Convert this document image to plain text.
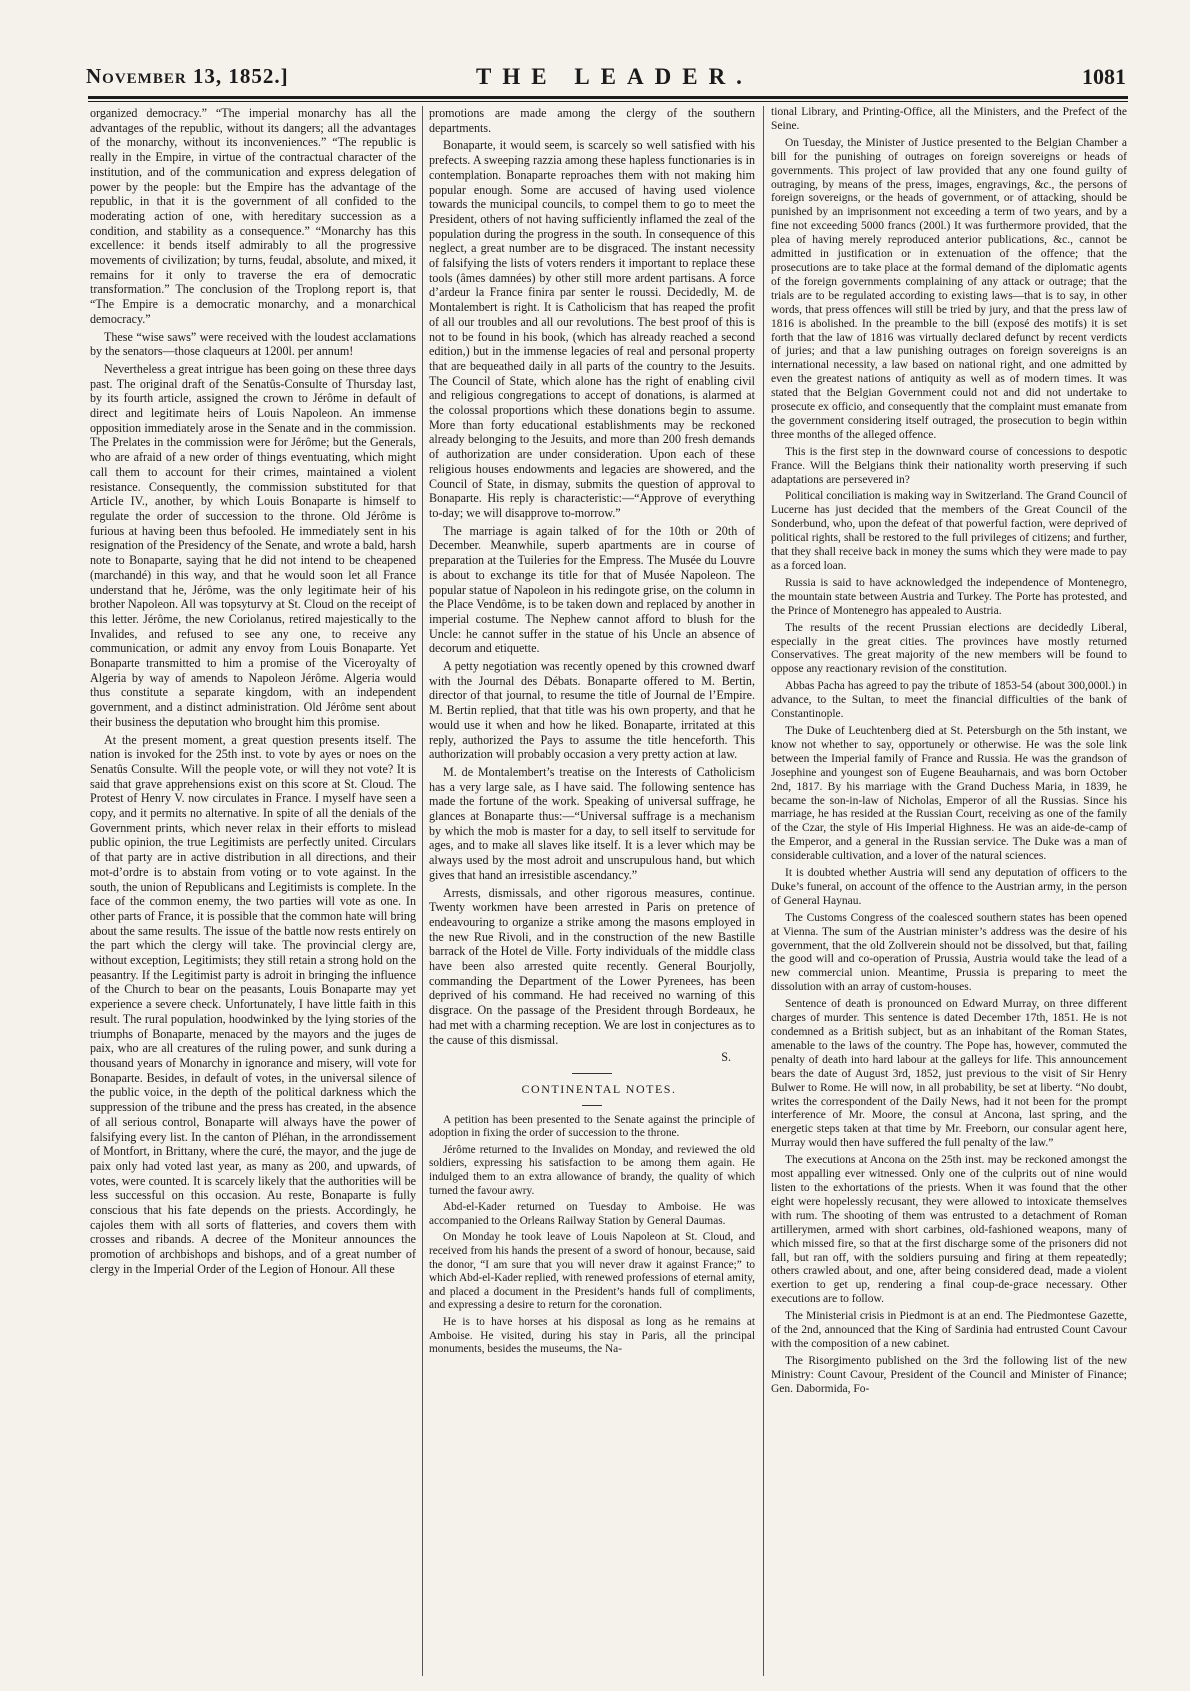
November 13, 1852.]	THE LEADER.	1081

organized democracy.” “The imperial monarchy has all the advantages of the republic, without its dangers; all the advantages of the monarchy, without its inconveniences.” “The republic is really in the Empire, in virtue of the contractual character of the institution, and of the communication and express delegation of power by the people: but the Empire has the advantage of the republic, in that it is the government of all confided to the moderating action of one, with hereditary succession as a condition, and stability as a consequence.” “Monarchy has this excellence: it bends itself admirably to all the progressive movements of civilization; by turns, feudal, absolute, and mixed, it remains for it only to traverse the era of democratic transformation.” The conclusion of the Troplong report is, that “The Empire is a democratic monarchy, and a monarchical democracy.”

These “wise saws” were received with the loudest acclamations by the senators—those claqueurs at 1200l. per annum!

Nevertheless a great intrigue has been going on these three days past. The original draft of the Senatûs-Consulte of Thursday last, by its fourth article, assigned the crown to Jérôme in default of direct and legitimate heirs of Louis Napoleon. An immense opposition immediately arose in the Senate and in the commission. The Prelates in the commission were for Jérôme; but the Generals, who are afraid of a new order of things eventuating, which might call them to account for their crimes, maintained a violent resistance. Consequently, the commission substituted for that Article IV., another, by which Louis Bonaparte is himself to regulate the order of succession to the throne. Old Jérôme is furious at having been thus befooled. He immediately sent in his resignation of the Presidency of the Senate, and wrote a bald, harsh note to Bonaparte, saying that he did not intend to be cheapened (marchandé) in this way, and that he would soon let all France understand that he, Jérôme, was the only legitimate heir of his brother Napoleon. All was topsyturvy at St. Cloud on the receipt of this letter. Jérôme, the new Coriolanus, retired majestically to the Invalides, and refused to see any one, to receive any communication, or admit any envoy from Louis Bonaparte. Yet Bonaparte transmitted to him a promise of the Viceroyalty of Algeria by way of amends to Napoleon Jérôme. Algeria would thus constitute a separate kingdom, with an independent government, and a distinct administration. Old Jérôme sent about their business the deputation who brought him this promise.

At the present moment, a great question presents itself. The nation is invoked for the 25th inst. to vote by ayes or noes on the Senatûs Consulte. Will the people vote, or will they not vote? It is said that grave apprehensions exist on this score at St. Cloud. The Protest of Henry V. now circulates in France. I myself have seen a copy, and it permits no alternative. In spite of all the denials of the Government prints, which never relax in their efforts to mislead public opinion, the true Legitimists are perfectly united. Circulars of that party are in active distribution in all directions, and their mot-d’ordre is to abstain from voting or to vote against. In the south, the union of Republicans and Legitimists is complete. In the face of the common enemy, the two parties will vote as one. In other parts of France, it is possible that the common hate will bring about the same results. The issue of the battle now rests entirely on the part which the clergy will take. The provincial clergy are, without exception, Legitimists; they still retain a strong hold on the peasantry. If the Legitimist party is adroit in bringing the influence of the Church to bear on the peasants, Louis Bonaparte may yet experience a severe check. Unfortunately, I have little faith in this result. The rural population, hoodwinked by the lying stories of the triumphs of Bonaparte, menaced by the mayors and the juges de paix, who are all creatures of the ruling power, and sunk during a thousand years of Monarchy in ignorance and misery, will vote for Bonaparte. Besides, in default of votes, in the universal silence of the public voice, in the depth of the political darkness which the suppression of the tribune and the press has created, in the absence of all serious control, Bonaparte will always have the power of falsifying every list. In the canton of Pléhan, in the arrondissement of Montfort, in Brittany, where the curé, the mayor, and the juge de paix only had voted last year, as many as 200, and upwards, of votes, were counted. It is scarcely likely that the authorities will be less successful on this occasion. Au reste, Bonaparte is fully conscious that his fate depends on the priests. Accordingly, he cajoles them with all sorts of flatteries, and covers them with crosses and ribands. A decree of the Moniteur announces the promotion of archbishops and bishops, and of a great number of clergy in the Imperial Order of the Legion of Honour. All these

promotions are made among the clergy of the southern departments.

Bonaparte, it would seem, is scarcely so well satisfied with his prefects. A sweeping razzia among these hapless functionaries is in contemplation. Bonaparte reproaches them with not making him popular enough. Some are accused of having used violence towards the municipal councils, to compel them to go to meet the President, others of not having sufficiently inflamed the zeal of the population during the progress in the south. In consequence of this neglect, a great number are to be disgraced. The instant necessity of falsifying the lists of voters renders it important to replace these tools (âmes damnées) by other still more ardent partisans. A force d’ardeur la France finira par senter le roussi. Decidedly, M. de Montalembert is right. It is Catholicism that has reaped the profit of all our troubles and all our revolutions. The best proof of this is not to be found in his book, (which has already reached a second edition,) but in the immense legacies of real and personal property that are bequeathed daily in all parts of the country to the Jesuits. The Council of State, which alone has the right of enabling civil and religious congregations to accept of donations, is alarmed at the colossal proportions which these donations begin to assume. More than forty educational establishments may be reckoned already belonging to the Jesuits, and more than 200 fresh demands of authorization are under consideration. Upon each of these religious houses endowments and legacies are showered, and the Council of State, in dismay, submits the question of approval to Bonaparte. His reply is characteristic:—“Approve of everything to-day; we will disapprove to-morrow.”

The marriage is again talked of for the 10th or 20th of December. Meanwhile, superb apartments are in course of preparation at the Tuileries for the Empress. The Musée du Louvre is about to exchange its title for that of Musée Napoleon. The popular statue of Napoleon in his redingote grise, on the column in the Place Vendôme, is to be taken down and replaced by another in imperial costume. The Nephew cannot afford to blush for the Uncle: he cannot suffer in the statue of his Uncle an absence of decorum and etiquette.

A petty negotiation was recently opened by this crowned dwarf with the Journal des Débats. Bonaparte offered to M. Bertin, director of that journal, to resume the title of Journal de l’Empire. M. Bertin replied, that that title was his own property, and that he would use it when and how he liked. Bonaparte, irritated at this reply, authorized the Pays to assume the title henceforth. This authorization will probably occasion a very pretty action at law.

M. de Montalembert’s treatise on the Interests of Catholicism has a very large sale, as I have said. The following sentence has made the fortune of the work. Speaking of universal suffrage, he glances at Bonaparte thus:—“Universal suffrage is a mechanism by which the mob is master for a day, to sell itself to servitude for ages, and to make all slaves like itself. It is a lever which may be always used by the most adroit and unscrupulous hand, but which gives that hand an irresistible ascendancy.”

Arrests, dismissals, and other rigorous measures, continue. Twenty workmen have been arrested in Paris on pretence of endeavouring to organize a strike among the masons employed in the new Rue Rivoli, and in the construction of the new Bastille barrack of the Hotel de Ville. Forty individuals of the middle class have been also arrested quite recently. General Bourjolly, commanding the Department of the Lower Pyrenees, has been deprived of his command. He had received no warning of this disgrace. On the passage of the President through Bordeaux, he had met with a charming reception. We are lost in conjectures as to the cause of this dismissal.

S.

CONTINENTAL NOTES.

A petition has been presented to the Senate against the principle of adoption in fixing the order of succession to the throne.

Jérôme returned to the Invalides on Monday, and reviewed the old soldiers, expressing his satisfaction to be among them again. He indulged them to an extra allowance of brandy, the quality of which turned the favour awry.

Abd-el-Kader returned on Tuesday to Amboise. He was accompanied to the Orleans Railway Station by General Daumas.

On Monday he took leave of Louis Napoleon at St. Cloud, and received from his hands the present of a sword of honour, because, said the donor, “I am sure that you will never draw it against France;” to which Abd-el-Kader replied, with renewed professions of eternal amity, and placed a document in the President’s hands full of compliments, and expressing a desire to return for the coronation.

He is to have horses at his disposal as long as he remains at Amboise. He visited, during his stay in Paris, all the principal monuments, besides the museums, the Na-

tional Library, and Printing-Office, all the Ministers, and the Prefect of the Seine.

On Tuesday, the Minister of Justice presented to the Belgian Chamber a bill for the punishing of outrages on foreign sovereigns or heads of governments. This project of law provided that any one found guilty of outraging, by means of the press, images, engravings, &c., the persons of foreign sovereigns, or the heads of government, or of attacking, should be punished by an imprisonment not exceeding a term of two years, and by a fine not exceeding 5000 francs (200l.) It was furthermore provided, that the plea of having merely reproduced anterior publications, &c., cannot be admitted in justification or in extenuation of the offence; that the prosecutions are to take place at the formal demand of the diplomatic agents of the foreign governments complaining of any attack or outrage; that the trials are to be regulated according to existing laws—that is to say, in other words, that press offences will still be tried by jury, and that the press law of 1816 is abolished. In the preamble to the bill (exposé des motifs) it is set forth that the law of 1816 was virtually declared defunct by recent verdicts of juries; and that a law punishing outrages on foreign sovereigns is an international necessity, a law based on national right, and one admitted by even the greatest nations of antiquity as well as of modern times. It was stated that the Belgian Government could not and did not undertake to prosecute ex officio, and consequently that the complaint must emanate from the government considering itself outraged, the prosecution to begin within three months of the alleged offence.

This is the first step in the downward course of concessions to despotic France. Will the Belgians think their nationality worth preserving if such adaptations are persevered in?

Political conciliation is making way in Switzerland. The Grand Council of Lucerne has just decided that the members of the Great Council of the Sonderbund, who, upon the defeat of that powerful faction, were deprived of political rights, shall be restored to the full privileges of citizens; and further, that they shall receive back in money the sums which they were made to pay as a forced loan.

Russia is said to have acknowledged the independence of Montenegro, the mountain state between Austria and Turkey. The Porte has protested, and the Prince of Montenegro has appealed to Austria.

The results of the recent Prussian elections are decidedly Liberal, especially in the great cities. The provinces have mostly returned Conservatives. The great majority of the new members will be found to oppose any reactionary revision of the constitution.

Abbas Pacha has agreed to pay the tribute of 1853-54 (about 300,000l.) in advance, to the Sultan, to meet the financial difficulties of the bank of Constantinople.

The Duke of Leuchtenberg died at St. Petersburgh on the 5th instant, we know not whether to say, opportunely or otherwise. He was the sole link between the Imperial family of France and Russia. He was the grandson of Josephine and youngest son of Eugene Beauharnais, and was born October 2nd, 1817. By his marriage with the Grand Duchess Maria, in 1839, he became the son-in-law of Nicholas, Emperor of all the Russias. Since his marriage, he has resided at the Russian Court, receiving as one of the family of the Czar, the style of His Imperial Highness. He was an aide-de-camp of the Emperor, and a general in the Russian service. The Duke was a man of considerable cultivation, and a lover of the natural sciences.

It is doubted whether Austria will send any deputation of officers to the Duke’s funeral, on account of the offence to the Austrian army, in the person of General Haynau.

The Customs Congress of the coalesced southern states has been opened at Vienna. The sum of the Austrian minister’s address was the desire of his government, that the old Zollverein should not be dissolved, but that, failing the good will and co-operation of Prussia, Austria would take the lead of a new commercial union. Meantime, Prussia is preparing to meet the dissolution with an array of custom-houses.

Sentence of death is pronounced on Edward Murray, on three different charges of murder. This sentence is dated December 17th, 1851. He is not condemned as a British subject, but as an inhabitant of the Roman States, amenable to the laws of the country. The Pope has, however, commuted the penalty of death into hard labour at the galleys for life. This announcement bears the date of August 3rd, 1852, just previous to the visit of Sir Henry Bulwer to Rome. He will now, in all probability, be set at liberty. “No doubt, writes the correspondent of the Daily News, had it not been for the prompt interference of Mr. Moore, the consul at Ancona, last spring, and the energetic steps taken at that time by Mr. Freeborn, our consular agent here, Murray would then have suffered the full penalty of the law.”

The executions at Ancona on the 25th inst. may be reckoned amongst the most appalling ever witnessed. Only one of the culprits out of nine would listen to the exhortations of the priests. When it was found that the other eight were hopelessly recusant, they were allowed to intoxicate themselves with rum. The shooting of them was entrusted to a detachment of Roman artillerymen, armed with short carbines, old-fashioned weapons, many of which missed fire, so that at the first discharge some of the prisoners did not fall, but ran off, with the soldiers pursuing and firing at them repeatedly; others crawled about, and one, after being considered dead, made a violent exertion to get up, rendering a final coup-de-grace necessary. Other executions are to follow.

The Ministerial crisis in Piedmont is at an end. The Piedmontese Gazette, of the 2nd, announced that the King of Sardinia had entrusted Count Cavour with the composition of a new cabinet.

The Risorgimento published on the 3rd the following list of the new Ministry: Count Cavour, President of the Council and Minister of Finance; Gen. Dabormida, Fo-
